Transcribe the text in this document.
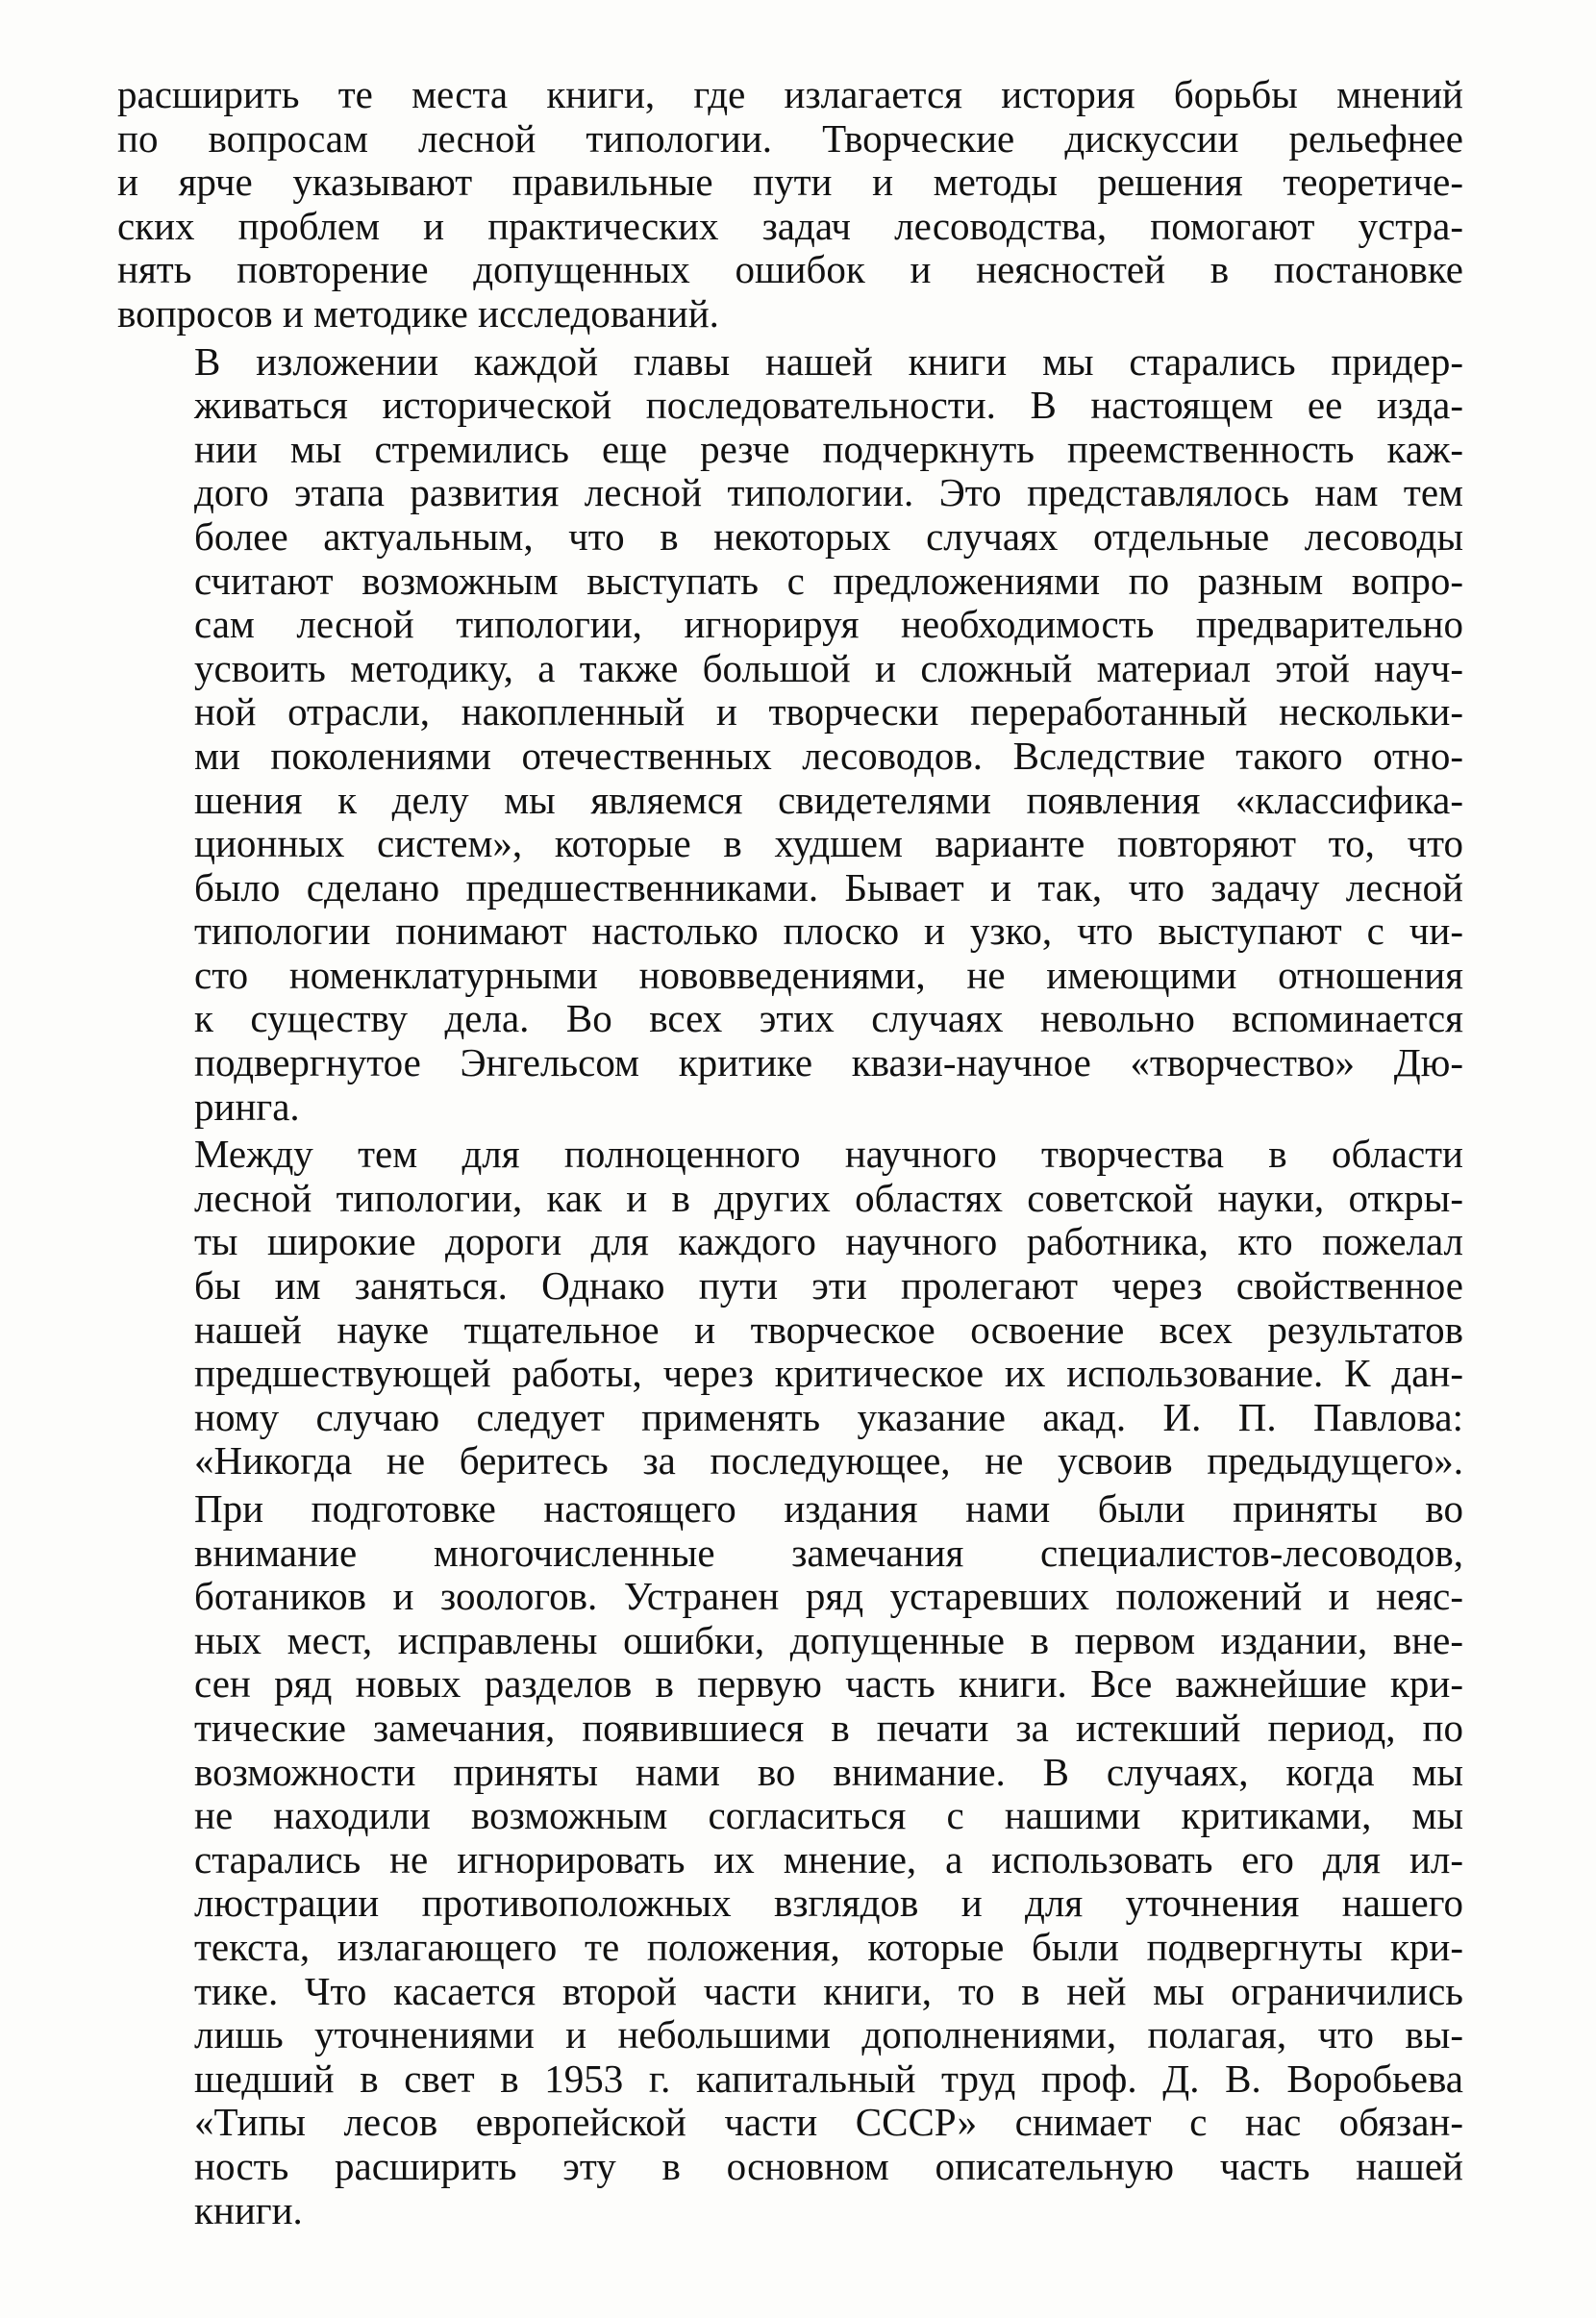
расширить те места книги, где излагается история борьбы мнений
по вопросам лесной типологии. Творческие дискуссии рельефнее
и ярче указывают правильные пути и методы решения теоретиче-
ских проблем и практических задач лесоводства, помогают устра-
нять повторение допущенных ошибок и неясностей в постановке
вопросов и методике исследований.
В изложении каждой главы нашей книги мы старались придер-
живаться исторической последовательности. В настоящем ее изда-
нии мы стремились еще резче подчеркнуть преемственность каж-
дого этапа развития лесной типологии. Это представлялось нам тем
более актуальным, что в некоторых случаях отдельные лесоводы
считают возможным выступать с предложениями по разным вопро-
сам лесной типологии, игнорируя необходимость предварительно
усвоить методику, а также большой и сложный материал этой науч-
ной отрасли, накопленный и творчески переработанный нескольки-
ми поколениями отечественных лесоводов. Вследствие такого отно-
шения к делу мы являемся свидетелями появления «классифика-
ционных систем», которые в худшем варианте повторяют то, что
было сделано предшественниками. Бывает и так, что задачу лесной
типологии понимают настолько плоско и узко, что выступают с чи-
сто номенклатурными нововведениями, не имеющими отношения
к существу дела. Во всех этих случаях невольно вспоминается
подвергнутое Энгельсом критике квази-научное «творчество» Дю-
ринга.
Между тем для полноценного научного творчества в области
лесной типологии, как и в других областях советской науки, откры-
ты широкие дороги для каждого научного работника, кто пожелал
бы им заняться. Однако пути эти пролегают через свойственное
нашей науке тщательное и творческое освоение всех результатов
предшествующей работы, через критическое их использование. К дан-
ному случаю следует применять указание акад. И. П. Павлова:
«Никогда не беритесь за последующее, не усвоив предыдущего».
При подготовке настоящего издания нами были приняты во
внимание многочисленные замечания специалистов-лесоводов,
ботаников и зоологов. Устранен ряд устаревших положений и неяс-
ных мест, исправлены ошибки, допущенные в первом издании, вне-
сен ряд новых разделов в первую часть книги. Все важнейшие кри-
тические замечания, появившиеся в печати за истекший период, по
возможности приняты нами во внимание. В случаях, когда мы
не находили возможным согласиться с нашими критиками, мы
старались не игнорировать их мнение, а использовать его для ил-
люстрации противоположных взглядов и для уточнения нашего
текста, излагающего те положения, которые были подвергнуты кри-
тике. Что касается второй части книги, то в ней мы ограничились
лишь уточнениями и небольшими дополнениями, полагая, что вы-
шедший в свет в 1953 г. капитальный труд проф. Д. В. Воробьева
«Типы лесов европейской части СССР» снимает с нас обязан-
ность расширить эту в основном описательную часть нашей
книги.
